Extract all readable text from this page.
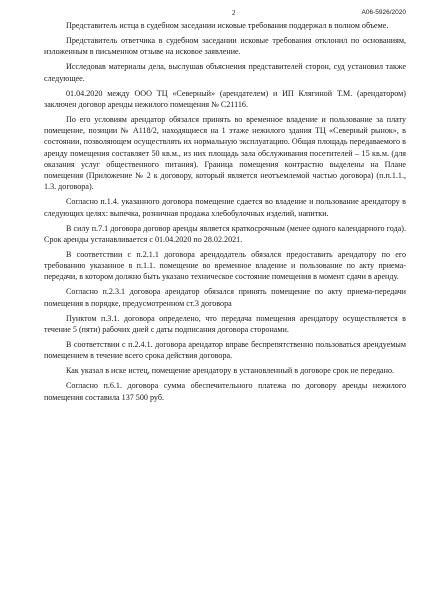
2	А06-5926/2020

Представитель истца в судебном заседании исковые требования поддержал в полном объеме.

Представитель ответчика в судебном заседании исковые требования отклонил по основаниям, изложенным в письменном отзыве на исковое заявление.

Исследовав материалы дела, выслушав объяснения представителей сторон, суд установил также следующее.

01.04.2020 между ООО ТЦ «Северный» (арендателем) и ИП Клягиной Т.М. (арендатором) заключен договор аренды нежилого помещения № С21116.

По его условиям арендатор обязался принять во временное владение и пользование за плату помещение, позиции № А118/2, находящиеся на 1 этаже нежилого здания ТЦ «Северный рынок», в состоянии, позволяющем осуществлять их нормальную эксплуатацию. Общая площадь передаваемого в аренду помещения составляет 50 кв.м., из них площадь зала обслуживания посетителей – 15 кв.м. (для оказания услуг общественного питания). Граница помещения контрастно выделены на Плане помещения (Приложение № 2 к договору, который является неотъемлемой частью договора) (п.п.1.1., 1.3. договора).

Согласно п.1.4. указанного договора помещение сдается во владение и пользование арендатору в следующих целях: выпечка, розничная продажа хлебобулочных изделий, напитки.

В силу п.7.1 договора договор аренды является краткосрочным (менее одного календарного года). Срок аренды устанавливается с 01.04.2020 по 28.02.2021.

В соответствии с п.2.1.1 договора арендодатель обязался предоставить арендатору по его требованию указанное в п.1.1. помещение во временное владение и пользование по акту приема-передачи, в котором должно быть указано техническое состояние помещения в момент сдачи в аренду.

Согласно п.2.3.1 договора арендатор обязался принять помещение по акту приема-передачи помещения в порядке, предусмотренном ст.3 договора

Пунктом п.3.1. договора определено, что передача помещения арендатору осуществляется в течение 5 (пяти) рабочих дней с даты подписания договора сторонами.

В соответствии с п.2.4.1. договора арендатор вправе беспрепятственно пользоваться арендуемым помещением в течение всего срока действия договора.

Как указал в иске истец, помещение арендатору в установленный в договоре срок не передано.

Согласно п.6.1. договора сумма обеспечительного платежа по договору аренды нежилого помещения составила 137 500 руб.
